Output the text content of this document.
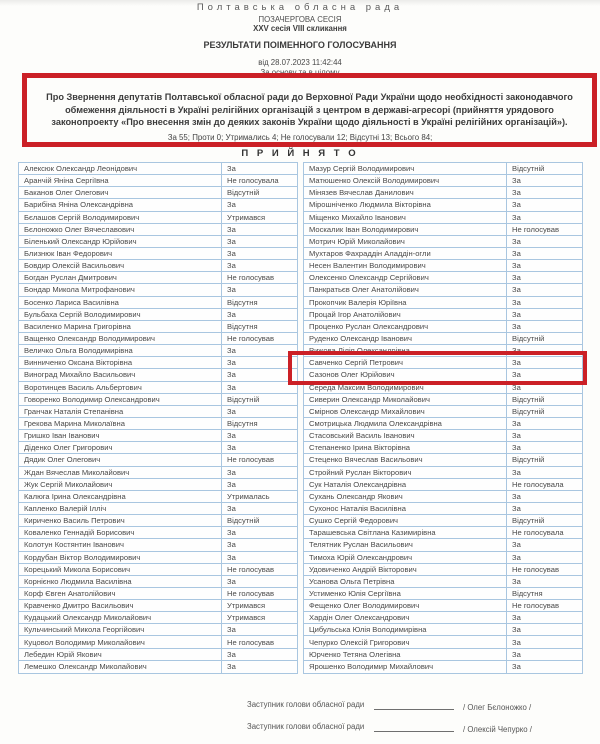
Полтавська обласна рада
ПОЗАЧЕРГОВА СЕСІЯ
XXV сесія VIII скликання
РЕЗУЛЬТАТИ ПОІМЕННОГО ГОЛОСУВАННЯ
від 28.07.2023 11:42:44
За основу та в цілому
Про Звернення депутатів Полтавської обласної ради до Верховної Ради України щодо необхідності законодавчого обмеження діяльності в Україні релігійних організацій з центром в державі-агресорі (прийняття урядового законопроекту «Про внесення змін до деяких законів України щодо діяльності в Україні релігійних організацій»).
За 55; Проти 0; Утримались 4; Не голосували 12; Відсутні 13; Всього 84;
П Р И Й Н Я Т О
Алексюк Олександр Леонідович	За
Аранчій Яніна Сергіївна	Не голосувала
Баканов Олег Олегович	Відсутній
Барибіна Яніна Олександрівна	За
Бєлашов Сергій Володимирович	Утримався
Бєлоножко Олег Вячеславович	За
Біленький Олександр Юрійович	За
Близнюк Іван Федорович	За
Бовдир Олексій Васильович	За
Богдан Руслан Дмитрович	Не голосував
Бондар Микола Митрофанович	За
Босенко Лариса Василівна	Відсутня
Бульбаха Сергій Володимирович	За
Василенко Марина Григорівна	Відсутня
Ващенко Олександр Володимирович	Не голосував
Величко Ольга Володимирівна	За
Винниченко Оксана Вікторівна	За
Виноград Михайло Васильович	За
Воротинцев Василь Альбертович	За
Говоренко Володимир Олександрович	Відсутній
Гранчак Наталія Степанівна	За
Грекова Марина Миколаївна	Відсутня
Гришко Іван Іванович	За
Діденко Олег Григорович	За
Дядик Олег Олегович	Не голосував
Ждан Вячеслав Миколайович	За
Жук Сергій Миколайович	За
Калюга Ірина Олександрівна	Утрималась
Капленко Валерій Ілліч	За
Кириченко Василь Петрович	Відсутній
Коваленко Геннадій Борисович	За
Колотун Костянтин Іванович	За
Кордубан Віктор Володимирович	За
Корецький Микола Борисович	Не голосував
Корнієнко Людмила Василівна	За
Корф Євген Анатолійович	Не голосував
Кравченко Дмитро Васильович	Утримався
Кудацький Олександр Миколайович	Утримався
Кульчинський Микола Георгійович	За
Куцовол Володимир Миколайович	Не голосував
Лебедин Юрій Якович	За
Лемешко Олександр Миколайович	За
Мазур Сергій Володимирович	Відсутній
Матюшенко Олексій Володимирович	За
Мінязев Вячеслав Данилович	За
Мірошніченко Людмила Вікторівна	За
Міщенко Михайло Іванович	За
Москалик Іван Володимирович	Не голосував
Мотрич Юрій Миколайович	За
Мухтаров Фахраддін Аладдін-огли	За
Несен Валентин Володимирович	За
Олексенко Олександр Сергійович	За
Панкратьєв Олег Анатолійович	За
Прокопчик Валерія Юріївна	За
Процай Ігор Анатолійович	За
Проценко Руслан Олександрович	За
Руденко Олександр Іванович	Відсутній
Рижова Лілія Олександрівна	За
Савченко Сергій Петрович	За
Сазонов Олег Юрійович	За
Середа Максим Володимирович	За
Сиверин Олександр Миколайович	Відсутній
Смірнов Олександр Михайлович	Відсутній
Смотрицька Людмила Олександрівна	За
Стасовський Василь Іванович	За
Степаненко Ірина Вікторівна	За
Стеценко Вячеслав Васильович	Відсутній
Стройний Руслан Вікторович	За
Сук Наталія Олександрівна	Не голосувала
Сухань Олександр Якович	За
Сухонос Наталія Василівна	За
Сушко Сергій Федорович	Відсутній
Тарашевська Світлана Казимирівна	Не голосувала
Телятник Руслан Васильович	За
Тимоха Юрій Олександрович	За
Удовиченко Андрій Вікторович	Не голосував
Усанова Ольга Петрівна	За
Устименко Юлія Сергіївна	Відсутня
Фещенко Олег Володимирович	Не голосував
Хардін Олег Олександрович	За
Цибульська Юлія Володимирівна	За
Чепурко Олексій Григорович	За
Юрченко Тетяна Олегівна	За
Ярошенко Володимир Михайлович	За
Заступник голови обласної ради	/ Олег Бєлоножко /
Заступник голови обласної ради	/ Олексій Чепурко /
